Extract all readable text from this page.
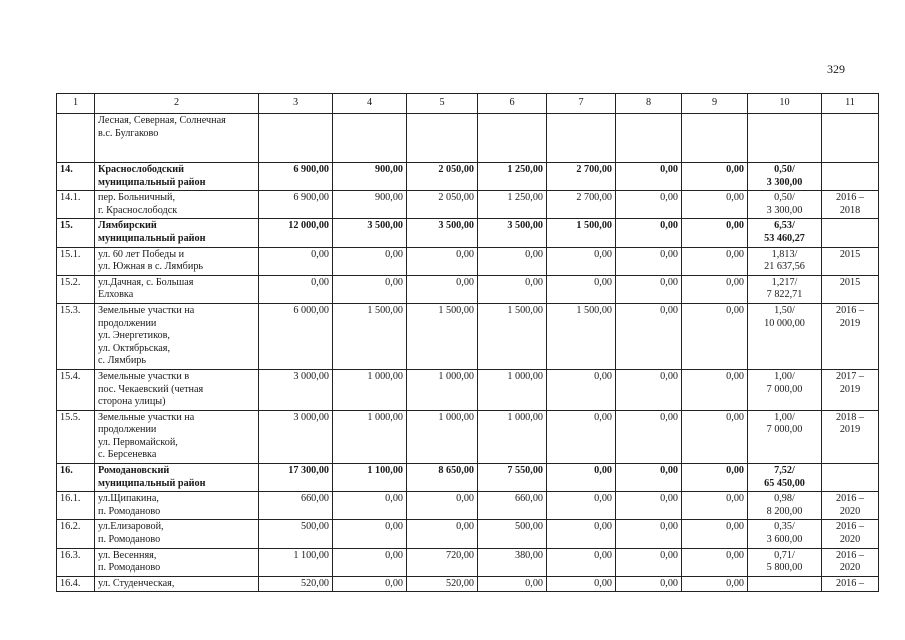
329
1	2	3	4	5	6	7	8	9	10	11

	Лесная, Северная, Солнечная
в.с. Булгаково									

14.	Краснослободский
муниципальный район	6 900,00	900,00	2 050,00	1 250,00	2 700,00	0,00	0,00	0,50/
3 300,00	

14.1.	пер. Больничный,
г. Краснослободск	6 900,00	900,00	2 050,00	1 250,00	2 700,00	0,00	0,00	0,50/
3 300,00	2016 –
2018

15.	Лямбирский
муниципальный район	12 000,00	3 500,00	3 500,00	3 500,00	1 500,00	0,00	0,00	6,53/
53 460,27	

15.1.	ул. 60 лет Победы и
ул. Южная в с. Лямбирь	0,00	0,00	0,00	0,00	0,00	0,00	0,00	1,813/
21 637,56	2015

15.2.	ул.Дачная, с. Большая
Елховка	0,00	0,00	0,00	0,00	0,00	0,00	0,00	1,217/
7 822,71	2015

15.3.	Земельные участки на
продолжении
ул. Энергетиков,
ул. Октябрьская,
с. Лямбирь	6 000,00	1 500,00	1 500,00	1 500,00	1 500,00	0,00	0,00	1,50/
10 000,00	2016 –
2019

15.4.	Земельные участки в
пос. Чекаевский (четная
сторона улицы)	3 000,00	1 000,00	1 000,00	1 000,00	0,00	0,00	0,00	1,00/
7 000,00	2017 –
2019

15.5.	Земельные участки на
продолжении
ул. Первомайской,
с. Берсеневка	3 000,00	1 000,00	1 000,00	1 000,00	0,00	0,00	0,00	1,00/
7 000,00	2018 –
2019

16.	Ромодановский
муниципальный район	17 300,00	1 100,00	8 650,00	7 550,00	0,00	0,00	0,00	7,52/
65 450,00	

16.1.	ул.Щипакина,
п. Ромоданово	660,00	0,00	0,00	660,00	0,00	0,00	0,00	0,98/
8 200,00	2016 –
2020

16.2.	ул.Елизаровой,
п. Ромоданово	500,00	0,00	0,00	500,00	0,00	0,00	0,00	0,35/
3 600,00	2016 –
2020

16.3.	ул. Весенняя,
п. Ромоданово	1 100,00	0,00	720,00	380,00	0,00	0,00	0,00	0,71/
5 800,00	2016 –
2020

16.4.	ул. Студенческая,	520,00	0,00	520,00	0,00	0,00	0,00	0,00		2016 –
